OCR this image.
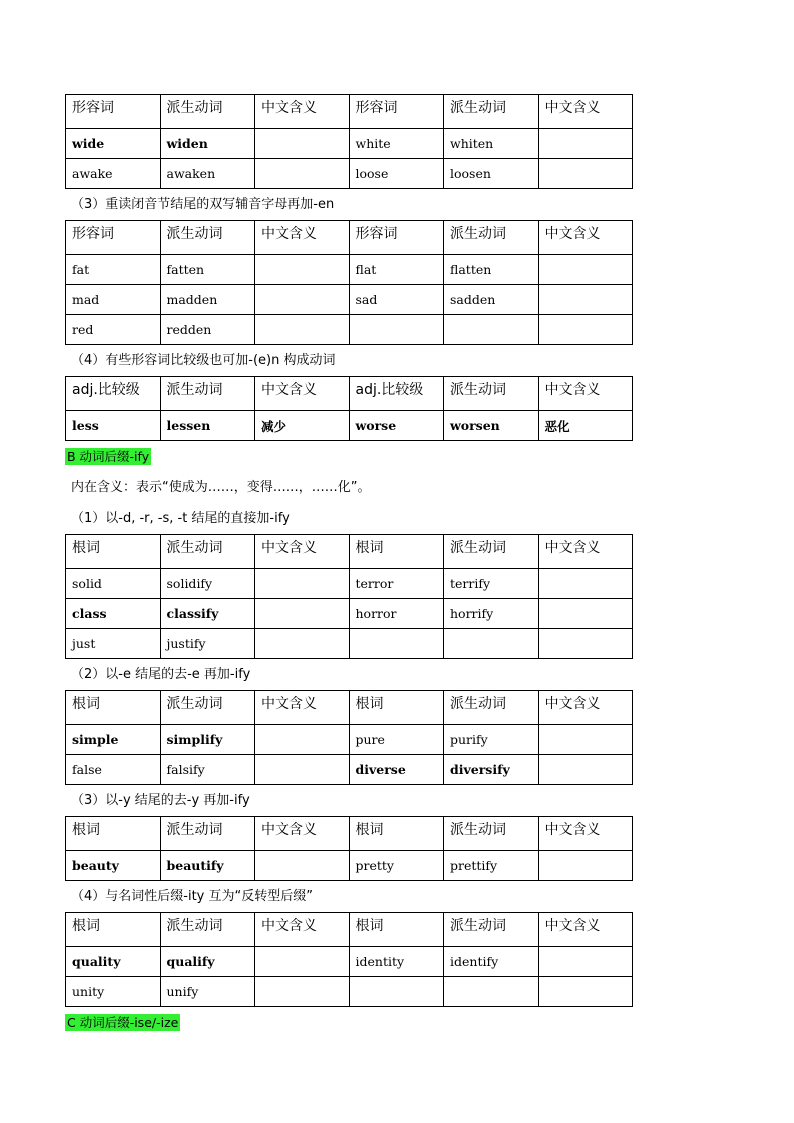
形容词	派生动词	中文含义	形容词	派生动词	中文含义
wide	widen		white	whiten	
awake	awaken		loose	loosen	
（3）重读闭音节结尾的双写辅音字母再加-en
形容词	派生动词	中文含义	形容词	派生动词	中文含义
fat	fatten		flat	flatten	
mad	madden		sad	sadden	
red	redden				
（4）有些形容词比较级也可加-(e)n 构成动词
adj.比较级	派生动词	中文含义	adj.比较级	派生动词	中文含义
less	lessen	减少	worse	worsen	恶化
B 动词后缀-ify
内在含义：表示“使成为……，变得……，……化”。
（1）以-d, -r, -s, -t 结尾的直接加-ify
根词	派生动词	中文含义	根词	派生动词	中文含义
solid	solidify		terror	terrify	
class	classify		horror	horrify	
just	justify				
（2）以-e 结尾的去-e 再加-ify
根词	派生动词	中文含义	根词	派生动词	中文含义
simple	simplify		pure	purify	
false	falsify		diverse	diversify	
（3）以-y 结尾的去-y 再加-ify
根词	派生动词	中文含义	根词	派生动词	中文含义
beauty	beautify		pretty	prettify	
（4）与名词性后缀-ity 互为“反转型后缀”
根词	派生动词	中文含义	根词	派生动词	中文含义
quality	qualify		identity	identify	
unity	unify				
C 动词后缀-ise/-ize
